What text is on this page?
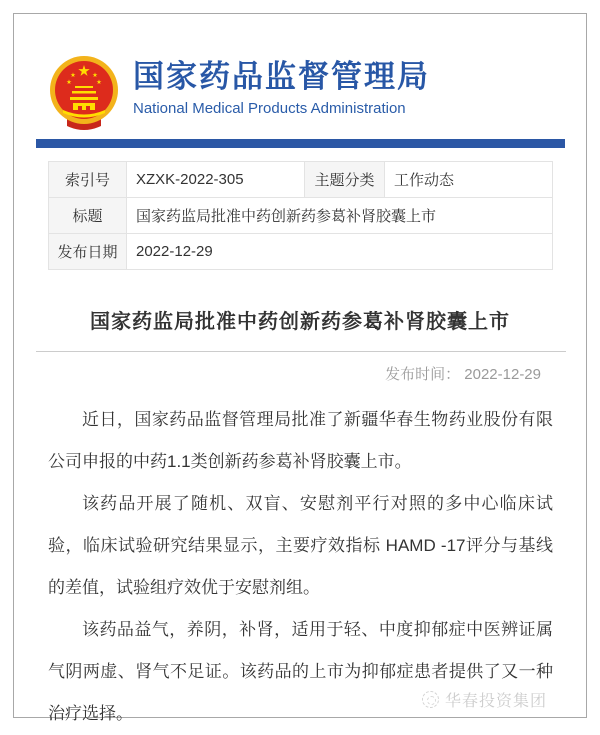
国家药品监督管理局
National Medical Products Administration
索引号	XZXK-2022-305	主题分类	工作动态
标题	国家药监局批准中药创新药参葛补肾胶囊上市		
发布日期	2022-12-29		
国家药监局批准中药创新药参葛补肾胶囊上市
发布时间： 2022-12-29

近日，国家药品监督管理局批准了新疆华春生物药业股份有限公司申报的中药1.1类创新药参葛补肾胶囊上市。

该药品开展了随机、双盲、安慰剂平行对照的多中心临床试验，临床试验研究结果显示，主要疗效指标 HAMD -17评分与基线的差值，试验组疗效优于安慰剂组。

该药品益气，养阴，补肾，适用于轻、中度抑郁症中医辨证属气阴两虚、肾气不足证。该药品的上市为抑郁症患者提供了又一种治疗选择。

华春投资集团
